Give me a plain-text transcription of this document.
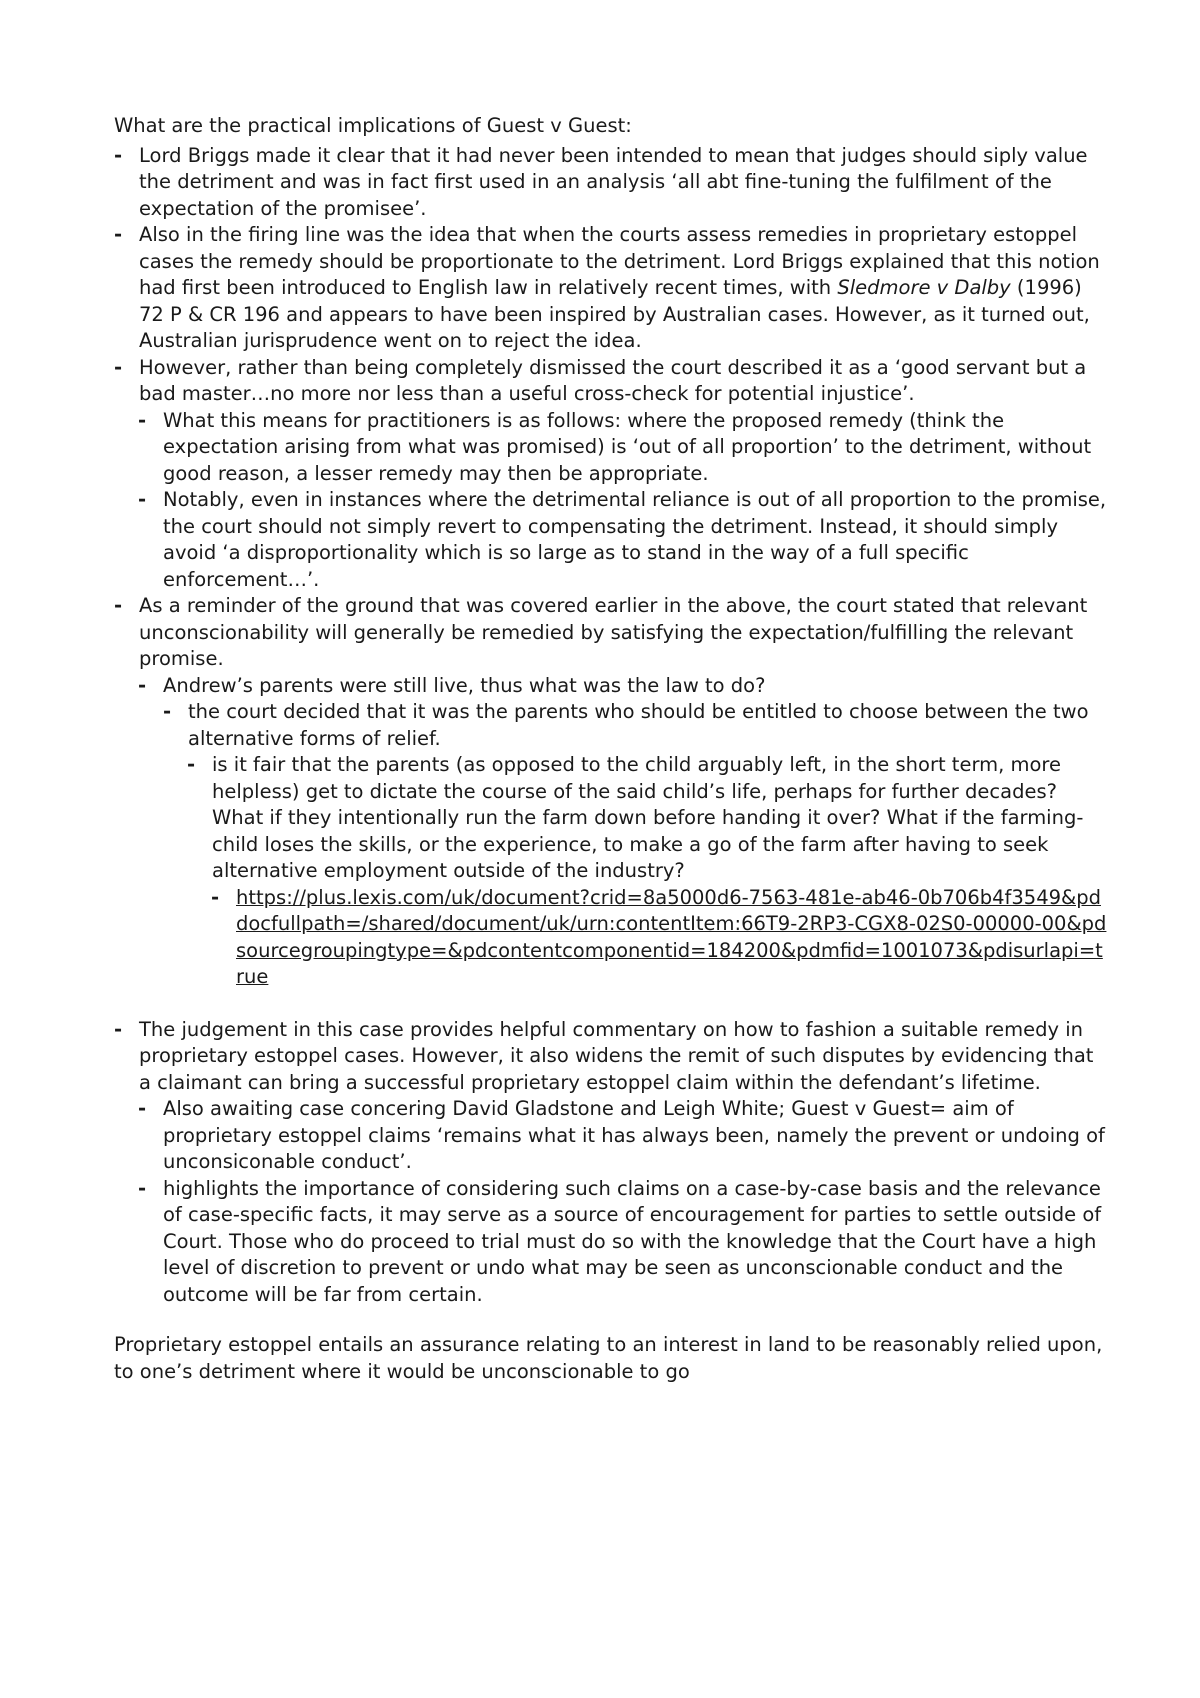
What are the practical implications of Guest v Guest:

- Lord Briggs made it clear that it had never been intended to mean that judges should siply value the detriment and was in fact first used in an analysis ‘all abt fine-tuning the fulfilment of the expectation of the promisee’.
- Also in the firing line was the idea that when the courts assess remedies in proprietary estoppel cases the remedy should be proportionate to the detriment. Lord Briggs explained that this notion had first been introduced to English law in relatively recent times, with Sledmore v Dalby (1996) 72 P & CR 196 and appears to have been inspired by Australian cases. However, as it turned out, Australian jurisprudence went on to reject the idea.
- However, rather than being completely dismissed the court described it as a ‘good servant but a bad master…no more nor less than a useful cross-check for potential injustice’.
- What this means for practitioners is as follows: where the proposed remedy (think the expectation arising from what was promised) is ‘out of all proportion’ to the detriment, without good reason, a lesser remedy may then be appropriate.
- Notably, even in instances where the detrimental reliance is out of all proportion to the promise, the court should not simply revert to compensating the detriment. Instead, it should simply avoid ‘a disproportionality which is so large as to stand in the way of a full specific enforcement…’.
- As a reminder of the ground that was covered earlier in the above, the court stated that relevant unconscionability will generally be remedied by satisfying the expectation/fulfilling the relevant promise.
- Andrew’s parents were still live, thus what was the law to do?
- the court decided that it was the parents who should be entitled to choose between the two alternative forms of relief.
- is it fair that the parents (as opposed to the child arguably left, in the short term, more helpless) get to dictate the course of the said child’s life, perhaps for further decades? What if they intentionally run the farm down before handing it over? What if the farming-child loses the skills, or the experience, to make a go of the farm after having to seek alternative employment outside of the industry?
- https://plus.lexis.com/uk/document?crid=8a5000d6-7563-481e-ab46-0b706b4f3549&pddocfullpath=/shared/document/uk/urn:contentItem:66T9-2RP3-CGX8-02S0-00000-00&pdsourcegroupingtype=&pdcontentcomponentid=184200&pdmfid=1001073&pdisurlapi=true
- The judgement in this case provides helpful commentary on how to fashion a suitable remedy in proprietary estoppel cases. However, it also widens the remit of such disputes by evidencing that a claimant can bring a successful proprietary estoppel claim within the defendant’s lifetime.
- Also awaiting case concering David Gladstone and Leigh White; Guest v Guest= aim of proprietary estoppel claims ‘remains what it has always been, namely the prevent or undoing of unconsiconable conduct’.
- highlights the importance of considering such claims on a case-by-case basis and the relevance of case-specific facts, it may serve as a source of encouragement for parties to settle outside of Court. Those who do proceed to trial must do so with the knowledge that the Court have a high level of discretion to prevent or undo what may be seen as unconscionable conduct and the outcome will be far from certain.

Proprietary estoppel entails an assurance relating to an interest in land to be reasonably relied upon, to one’s detriment where it would be unconscionable to go
